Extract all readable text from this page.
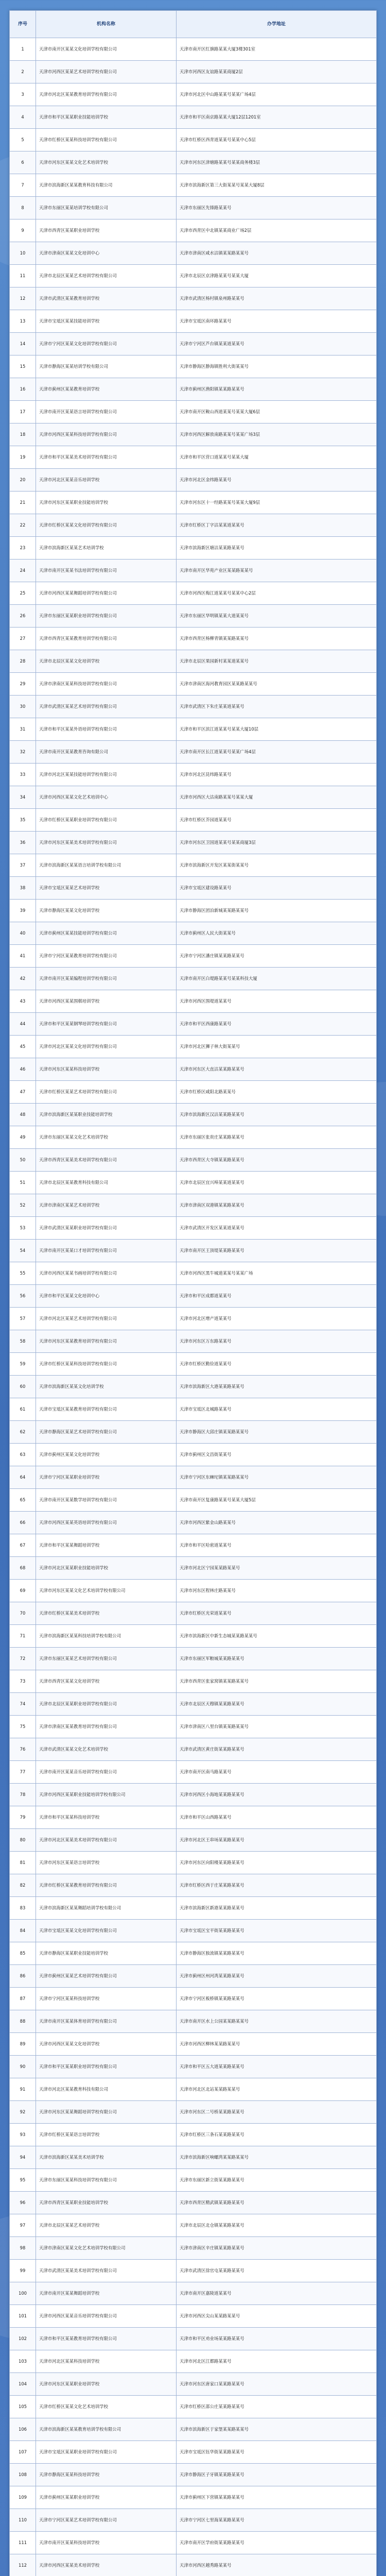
序号	机构名称	办学地址
1	天津市南开区某某文化培训学校有限公司	天津市南开区红旗路某某大厦3楼301室
2	天津市河西区某某艺术培训学校有限公司	天津市河西区友谊路某某商厦2层
3	天津市河北区某某教育培训学校有限公司	天津市河北区中山路某某号某某广场4层
4	天津市和平区某某职业技能培训学校	天津市和平区南京路某某大厦12层1201室
5	天津市红桥区某某科技培训学校有限公司	天津市红桥区西青道某某号某某中心5层
6	天津市河东区某某文化艺术培训学校	天津市河东区津塘路某某号某某商务楼3层
7	天津市滨海新区某某教育科技有限公司	天津市滨海新区第三大街某某号某某大厦8层
8	天津市东丽区某某培训学校有限公司	天津市东丽区先锋路某某号
9	天津市西青区某某职业培训学校	天津市西青区中北镇某某商业广场2层
10	天津市津南区某某文化培训中心	天津市津南区咸水沽镇某某路某某号
11	天津市北辰区某某艺术培训学校有限公司	天津市北辰区京津路某某号某某大厦
12	天津市武清区某某教育培训学校	天津市武清区杨村镇泉州路某某号
13	天津市宝坻区某某技能培训学校	天津市宝坻区南环路某某号
14	天津市宁河区某某文化培训学校有限公司	天津市宁河区芦台镇某某道某某号
15	天津市静海区某某培训学校有限公司	天津市静海区静海镇胜利大街某某号
16	天津市蓟州区某某教育培训学校	天津市蓟州区渔阳镇某某路某某号
17	天津市南开区某某语言培训学校有限公司	天津市南开区鞍山西道某某号某某大厦6层
18	天津市河西区某某科技培训学校有限公司	天津市河西区解放南路某某号某某广场3层
19	天津市和平区某某美术培训学校有限公司	天津市和平区营口道某某号某某大厦
20	天津市河北区某某音乐培训学校	天津市河北区金纬路某某号
21	天津市河东区某某职业技能培训学校	天津市河东区十一经路某某号某某大厦9层
22	天津市红桥区某某文化培训学校有限公司	天津市红桥区丁字沽某某道某某号
23	天津市滨海新区某某艺术培训学校	天津市滨海新区塘沽某某路某某号
24	天津市南开区某某书法培训学校有限公司	天津市南开区华苑产业区某某路某某号
25	天津市河西区某某舞蹈培训学校有限公司	天津市河西区梅江道某某号某某中心2层
26	天津市东丽区某某职业培训学校有限公司	天津市东丽区华明镇某某大道某某号
27	天津市西青区某某教育培训学校有限公司	天津市西青区杨柳青镇某某路某某号
28	天津市北辰区某某文化培训学校	天津市北辰区果园新村某某道某某号
29	天津市津南区某某科技培训学校有限公司	天津市津南区海河教育园区某某路某某号
30	天津市武清区某某艺术培训学校有限公司	天津市武清区下朱庄某某道某某号
31	天津市和平区某某外语培训学校有限公司	天津市和平区滨江道某某号某某大厦10层
32	天津市南开区某某教育咨询有限公司	天津市南开区长江道某某号某某广场4层
33	天津市河北区某某技能培训学校有限公司	天津市河北区昆纬路某某号
34	天津市河西区某某文化艺术培训中心	天津市河西区大沽南路某某号某某大厦
35	天津市红桥区某某职业培训学校有限公司	天津市红桥区芥园道某某号
36	天津市河东区某某美术培训学校有限公司	天津市河东区卫国道某某号某某商厦3层
37	天津市滨海新区某某语言培训学校有限公司	天津市滨海新区开发区某某街某某号
38	天津市宝坻区某某艺术培训学校	天津市宝坻区建设路某某号
39	天津市静海区某某文化培训学校	天津市静海区团泊新城某某路某某号
40	天津市蓟州区某某技能培训学校有限公司	天津市蓟州区人民大街某某号
41	天津市宁河区某某教育培训学校有限公司	天津市宁河区潘庄镇某某路某某号
42	天津市南开区某某编程培训学校有限公司	天津市南开区白堤路某某号某某科技大厦
43	天津市河西区某某围棋培训学校	天津市河西区围堤道某某号
44	天津市和平区某某钢琴培训学校有限公司	天津市和平区西康路某某号
45	天津市河北区某某文化培训学校有限公司	天津市河北区狮子林大街某某号
46	天津市河东区某某科技培训学校	天津市河东区大直沽某某路某某号
47	天津市红桥区某某艺术培训学校有限公司	天津市红桥区咸阳北路某某号
48	天津市滨海新区某某职业技能培训学校	天津市滨海新区汉沽某某路某某号
49	天津市东丽区某某文化艺术培训学校	天津市东丽区张贵庄某某路某某号
50	天津市西青区某某美术培训学校有限公司	天津市西青区大寺镇某某路某某号
51	天津市北辰区某某教育科技有限公司	天津市北辰区宜兴埠某某道某某号
52	天津市津南区某某艺术培训学校	天津市津南区双港镇某某路某某号
53	天津市武清区某某职业培训学校有限公司	天津市武清区开发区某某道某某号
54	天津市南开区某某口才培训学校有限公司	天津市南开区王顶堤某某路某某号
55	天津市河西区某某书画培训学校有限公司	天津市河西区黑牛城道某某号某某广场
56	天津市和平区某某文化培训中心	天津市和平区成都道某某号
57	天津市河北区某某艺术培训学校有限公司	天津市河北区增产道某某号
58	天津市河东区某某教育培训学校有限公司	天津市河东区万东路某某号
59	天津市红桥区某某科技培训学校有限公司	天津市红桥区勤俭道某某号
60	天津市滨海新区某某文化培训学校	天津市滨海新区大港某某路某某号
61	天津市宝坻区某某教育培训学校有限公司	天津市宝坻区北城路某某号
62	天津市静海区某某艺术培训学校有限公司	天津市静海区大邱庄镇某某路某某号
63	天津市蓟州区某某文化培训学校	天津市蓟州区文昌街某某号
64	天津市宁河区某某职业培训学校	天津市宁河区东棘坨镇某某路某某号
65	天津市南开区某某数学培训学校有限公司	天津市南开区复康路某某号某某大厦5层
66	天津市河西区某某英语培训学校有限公司	天津市河西区紫金山路某某号
67	天津市和平区某某舞蹈培训学校	天津市和平区哈密道某某号
68	天津市河北区某某职业技能培训学校	天津市河北区宁园某某路某某号
69	天津市河东区某某文化艺术培训学校有限公司	天津市河东区程林庄路某某号
70	天津市红桥区某某美术培训学校	天津市红桥区光荣道某某号
71	天津市滨海新区某某科技培训学校有限公司	天津市滨海新区中新生态城某某路某某号
72	天津市东丽区某某艺术培训学校有限公司	天津市东丽区军粮城某某路某某号
73	天津市西青区某某文化培训学校	天津市西青区张家窝镇某某路某某号
74	天津市北辰区某某职业培训学校有限公司	天津市北辰区天穆镇某某路某某号
75	天津市津南区某某教育培训学校有限公司	天津市津南区八里台镇某某路某某号
76	天津市武清区某某文化艺术培训学校	天津市武清区黄庄街某某路某某号
77	天津市南开区某某音乐培训学校有限公司	天津市南开区南马路某某号
78	天津市河西区某某职业技能培训学校有限公司	天津市河西区小海地某某路某某号
79	天津市和平区某某科技培训学校	天津市和平区山西路某某号
80	天津市河北区某某美术培训学校有限公司	天津市河北区王串场某某路某某号
81	天津市河东区某某语言培训学校	天津市河东区向阳楼某某路某某号
82	天津市红桥区某某教育培训学校有限公司	天津市红桥区西于庄某某路某某号
83	天津市滨海新区某某舞蹈培训学校有限公司	天津市滨海新区新港某某路某某号
84	天津市宝坻区某某文化培训学校有限公司	天津市宝坻区宝平街某某路某某号
85	天津市静海区某某职业技能培训学校	天津市静海区独流镇某某路某某号
86	天津市蓟州区某某艺术培训学校有限公司	天津市蓟州区州河湾某某路某某号
87	天津市宁河区某某科技培训学校	天津市宁河区板桥镇某某路某某号
88	天津市南开区某某体育培训学校有限公司	天津市南开区水上公园某某路某某号
89	天津市河西区某某文化培训学校	天津市河西区柳林某某路某某号
90	天津市和平区某某职业培训学校有限公司	天津市和平区五大道某某路某某号
91	天津市河北区某某教育科技有限公司	天津市河北区北站某某路某某号
92	天津市河东区某某舞蹈培训学校有限公司	天津市河东区二号桥某某路某某号
93	天津市红桥区某某语言培训学校	天津市红桥区三条石某某路某某号
94	天津市滨海新区某某美术培训学校	天津市滨海新区响螺湾某某路某某号
95	天津市东丽区某某科技培训学校有限公司	天津市东丽区新立街某某路某某号
96	天津市西青区某某职业技能培训学校	天津市西青区精武镇某某路某某号
97	天津市北辰区某某艺术培训学校	天津市北辰区北仓镇某某路某某号
98	天津市津南区某某文化艺术培训学校有限公司	天津市津南区辛庄镇某某路某某号
99	天津市武清区某某美术培训学校有限公司	天津市武清区徐官屯某某路某某号
100	天津市南开区某某舞蹈培训学校	天津市南开区嘉陵道某某号
101	天津市河西区某某音乐培训学校有限公司	天津市河西区尖山某某路某某号
102	天津市和平区某某教育培训学校有限公司	天津市和平区劝业场某某路某某号
103	天津市河北区某某科技培训学校	天津市河北区江都路某某号
104	天津市河东区某某职业培训学校	天津市河东区唐家口某某路某某号
105	天津市红桥区某某文化艺术培训学校	天津市红桥区邵公庄某某路某某号
106	天津市滨海新区某某教育培训学校有限公司	天津市滨海新区于家堡某某路某某号
107	天津市宝坻区某某职业培训学校有限公司	天津市宝坻区钰华街某某路某某号
108	天津市静海区某某科技培训学校	天津市静海区子牙镇某某路某某号
109	天津市蓟州区某某职业培训学校	天津市蓟州区下营镇某某路某某号
110	天津市宁河区某某艺术培训学校有限公司	天津市宁河区七里海某某路某某号
111	天津市南开区某某科技培训学校	天津市南开区学府街某某路某某号
112	天津市河西区某某美术培训学校	天津市河西区越秀路某某号
